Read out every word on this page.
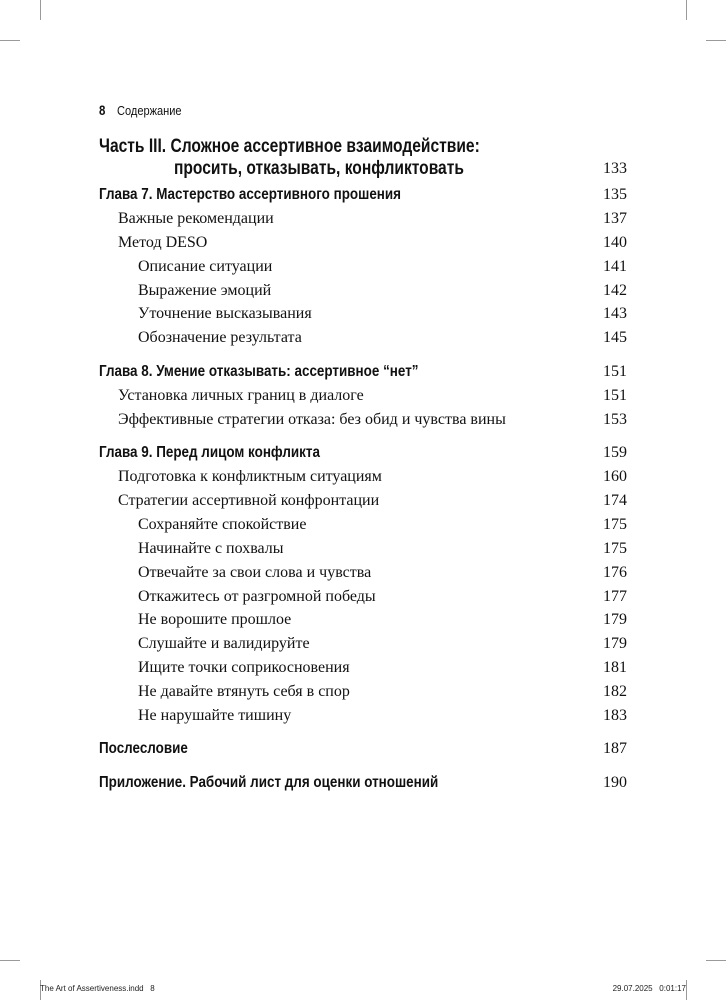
8 Содержание
Часть III. Сложное ассертивное взаимодействие:
просить, отказывать, конфликтовать	133
Глава 7. Мастерство ассертивного прошения	135
Важные рекомендации	137
Метод DESO	140
Описание ситуации	141
Выражение эмоций	142
Уточнение высказывания	143
Обозначение результата	145
Глава 8. Умение отказывать: ассертивное “нет”	151
Установка личных границ в диалоге	151
Эффективные стратегии отказа: без обид и чувства вины	153
Глава 9. Перед лицом конфликта	159
Подготовка к конфликтным ситуациям	160
Стратегии ассертивной конфронтации	174
Сохраняйте спокойствие	175
Начинайте с похвалы	175
Отвечайте за свои слова и чувства	176
Откажитесь от разгромной победы	177
Не ворошите прошлое	179
Слушайте и валидируйте	179
Ищите точки соприкосновения	181
Не давайте втянуть себя в спор	182
Не нарушайте тишину	183
Послесловие	187
Приложение. Рабочий лист для оценки отношений	190
The Art of Assertiveness.indd   8	29.07.2025   0:01:17
